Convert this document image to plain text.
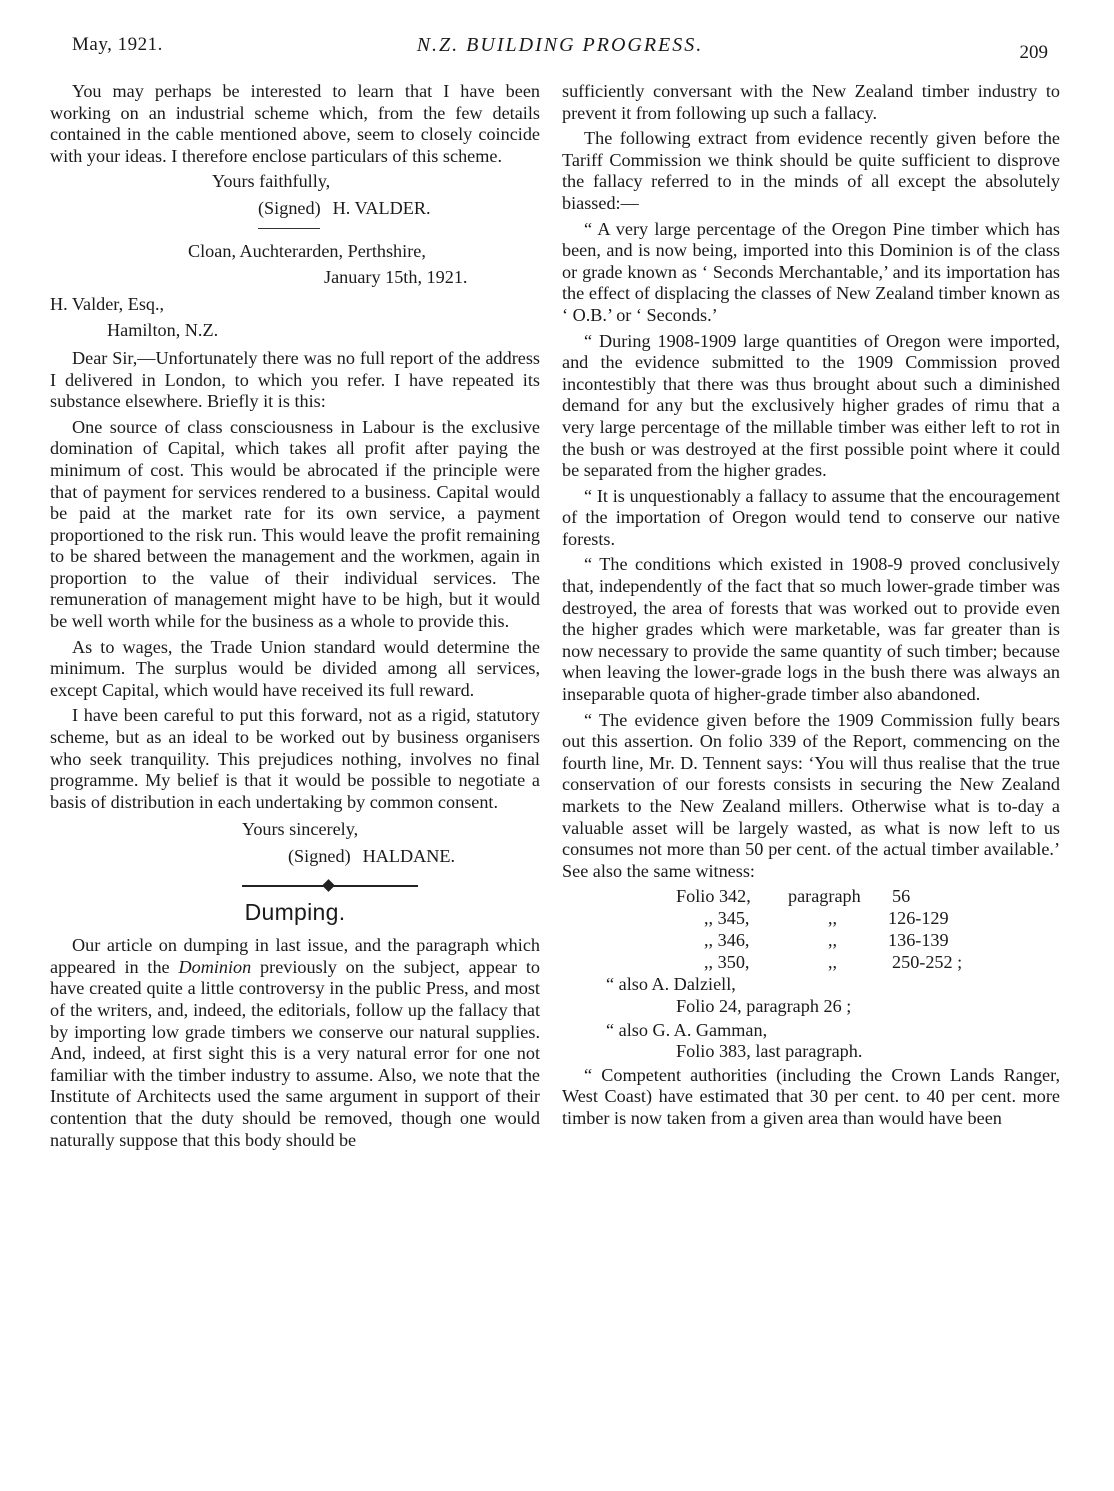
May, 1921.	N.Z. BUILDING PROGRESS.	209

You may perhaps be interested to learn that I have been working on an industrial scheme which, from the few details contained in the cable mentioned above, seem to closely coincide with your ideas. I therefore enclose particulars of this scheme.

Yours faithfully,
(Signed) H. VALDER.
Cloan, Auchterarden, Perthshire,
January 15th, 1921.
H. Valder, Esq.,
Hamilton, N.Z.

Dear Sir,—Unfortunately there was no full report of the address I delivered in London, to which you refer. I have repeated its substance elsewhere. Briefly it is this:

One source of class consciousness in Labour is the exclusive domination of Capital, which takes all profit after paying the minimum of cost. This would be abrocated if the principle were that of payment for services rendered to a business. Capital would be paid at the market rate for its own service, a payment proportioned to the risk run. This would leave the profit remaining to be shared between the management and the workmen, again in proportion to the value of their individual services. The remuneration of management might have to be high, but it would be well worth while for the business as a whole to provide this.

As to wages, the Trade Union standard would determine the minimum. The surplus would be divided among all services, except Capital, which would have received its full reward.

I have been careful to put this forward, not as a rigid, statutory scheme, but as an ideal to be worked out by business organisers who seek tranquility. This prejudices nothing, involves no final programme. My belief is that it would be possible to negotiate a basis of distribution in each undertaking by common consent.

Yours sincerely,
(Signed) HALDANE.
Dumping.

Our article on dumping in last issue, and the paragraph which appeared in the Dominion previously on the subject, appear to have created quite a little controversy in the public Press, and most of the writers, and, indeed, the editorials, follow up the fallacy that by importing low grade timbers we conserve our natural supplies. And, indeed, at first sight this is a very natural error for one not familiar with the timber industry to assume. Also, we note that the Institute of Architects used the same argument in support of their contention that the duty should be removed, though one would naturally suppose that this body should be

sufficiently conversant with the New Zealand timber industry to prevent it from following up such a fallacy.

The following extract from evidence recently given before the Tariff Commission we think should be quite sufficient to disprove the fallacy referred to in the minds of all except the absolutely biassed:—

“ A very large percentage of the Oregon Pine timber which has been, and is now being, imported into this Dominion is of the class or grade known as ‘ Seconds Merchantable,’ and its importation has the effect of displacing the classes of New Zealand timber known as ‘ O.B.’ or ‘ Seconds.’

“ During 1908-1909 large quantities of Oregon were imported, and the evidence submitted to the 1909 Commission proved incontestibly that there was thus brought about such a diminished demand for any but the exclusively higher grades of rimu that a very large percentage of the millable timber was either left to rot in the bush or was destroyed at the first possible point where it could be separated from the higher grades.

“ It is unquestionably a fallacy to assume that the encouragement of the importation of Oregon would tend to conserve our native forests.

“ The conditions which existed in 1908-9 proved conclusively that, independently of the fact that so much lower-grade timber was destroyed, the area of forests that was worked out to provide even the higher grades which were marketable, was far greater than is now necessary to provide the same quantity of such timber; because when leaving the lower-grade logs in the bush there was always an inseparable quota of higher-grade timber also abandoned.

“ The evidence given before the 1909 Commission fully bears out this assertion. On folio 339 of the Report, commencing on the fourth line, Mr. D. Tennent says: ‘You will thus realise that the true conservation of our forests consists in securing the New Zealand markets to the New Zealand millers. Otherwise what is to-day a valuable asset will be largely wasted, as what is now left to us consumes not more than 50 per cent. of the actual timber available.’ See also the same witness:

Folio 342, paragraph 56
,, 345,	,,	126-129
,, 346,	,,	136-139
,, 350,	,,	250-252 ;

“ also A. Dalziell,

Folio 24, paragraph 26 ;

“ also G. A. Gamman,

Folio 383, last paragraph.

“ Competent authorities (including the Crown Lands Ranger, West Coast) have estimated that 30 per cent. to 40 per cent. more timber is now taken from a given area than would have been
